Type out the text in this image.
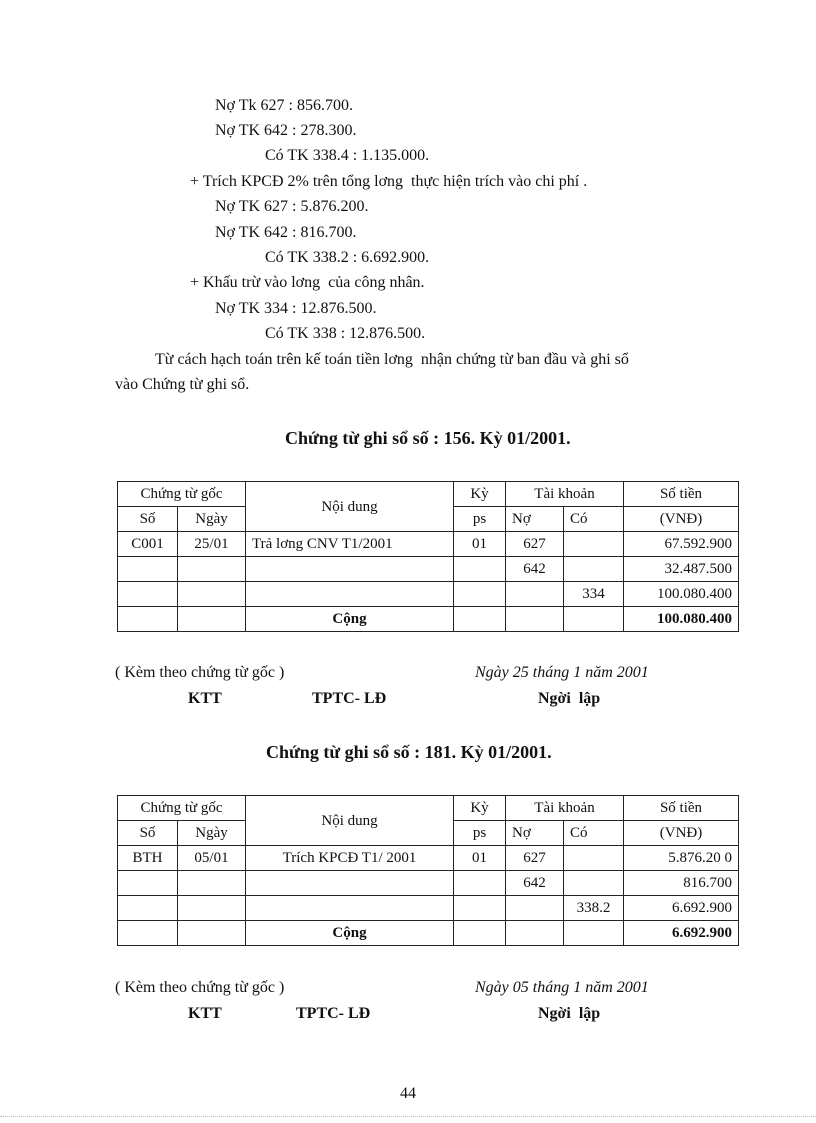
Nợ Tk 627 : 856.700.
Nợ TK 642 : 278.300.
Có TK 338.4 : 1.135.000.
+ Trích KPCĐ 2% trên tổng lơng  thực hiện trích vào chi phí .
Nợ TK 627 : 5.876.200.
Nợ TK 642 : 816.700.
Có TK 338.2 : 6.692.900.
+ Khấu trừ vào lơng  của công nhân.
Nợ TK 334 : 12.876.500.
Có TK 338 : 12.876.500.
Từ cách hạch toán trên kế toán tiền lơng  nhận chứng từ ban đầu và ghi sổ
vào Chứng từ ghi sổ.
Chứng từ ghi sổ số : 156. Kỳ 01/2001.
Chứng từ gốc		Nội dung	Kỳ	Tài khoản		Số tiền
Số	Ngày		ps	Nợ	Có	(VNĐ)
C001	25/01	Trả lơng CNV T1/2001	01	627		67.592.900
				642		32.487.500
					334	100.080.400
		Cộng				100.080.400
( Kèm theo chứng từ gốc )	Ngày 25 tháng 1 năm 2001
KTT	TPTC- LĐ	Ngời  lập
Chứng từ ghi sổ số : 181. Kỳ 01/2001.
Chứng từ gốc		Nội dung	Kỳ	Tài khoản		Số tiền
Số	Ngày		ps	Nợ	Có	(VNĐ)
BTH	05/01	Trích KPCĐ T1/ 2001	01	627		5.876.20 0
				642		816.700
					338.2	6.692.900
		Cộng				6.692.900
( Kèm theo chứng từ gốc )	Ngày 05 tháng 1 năm 2001
KTT	TPTC- LĐ	Ngời  lập
44
